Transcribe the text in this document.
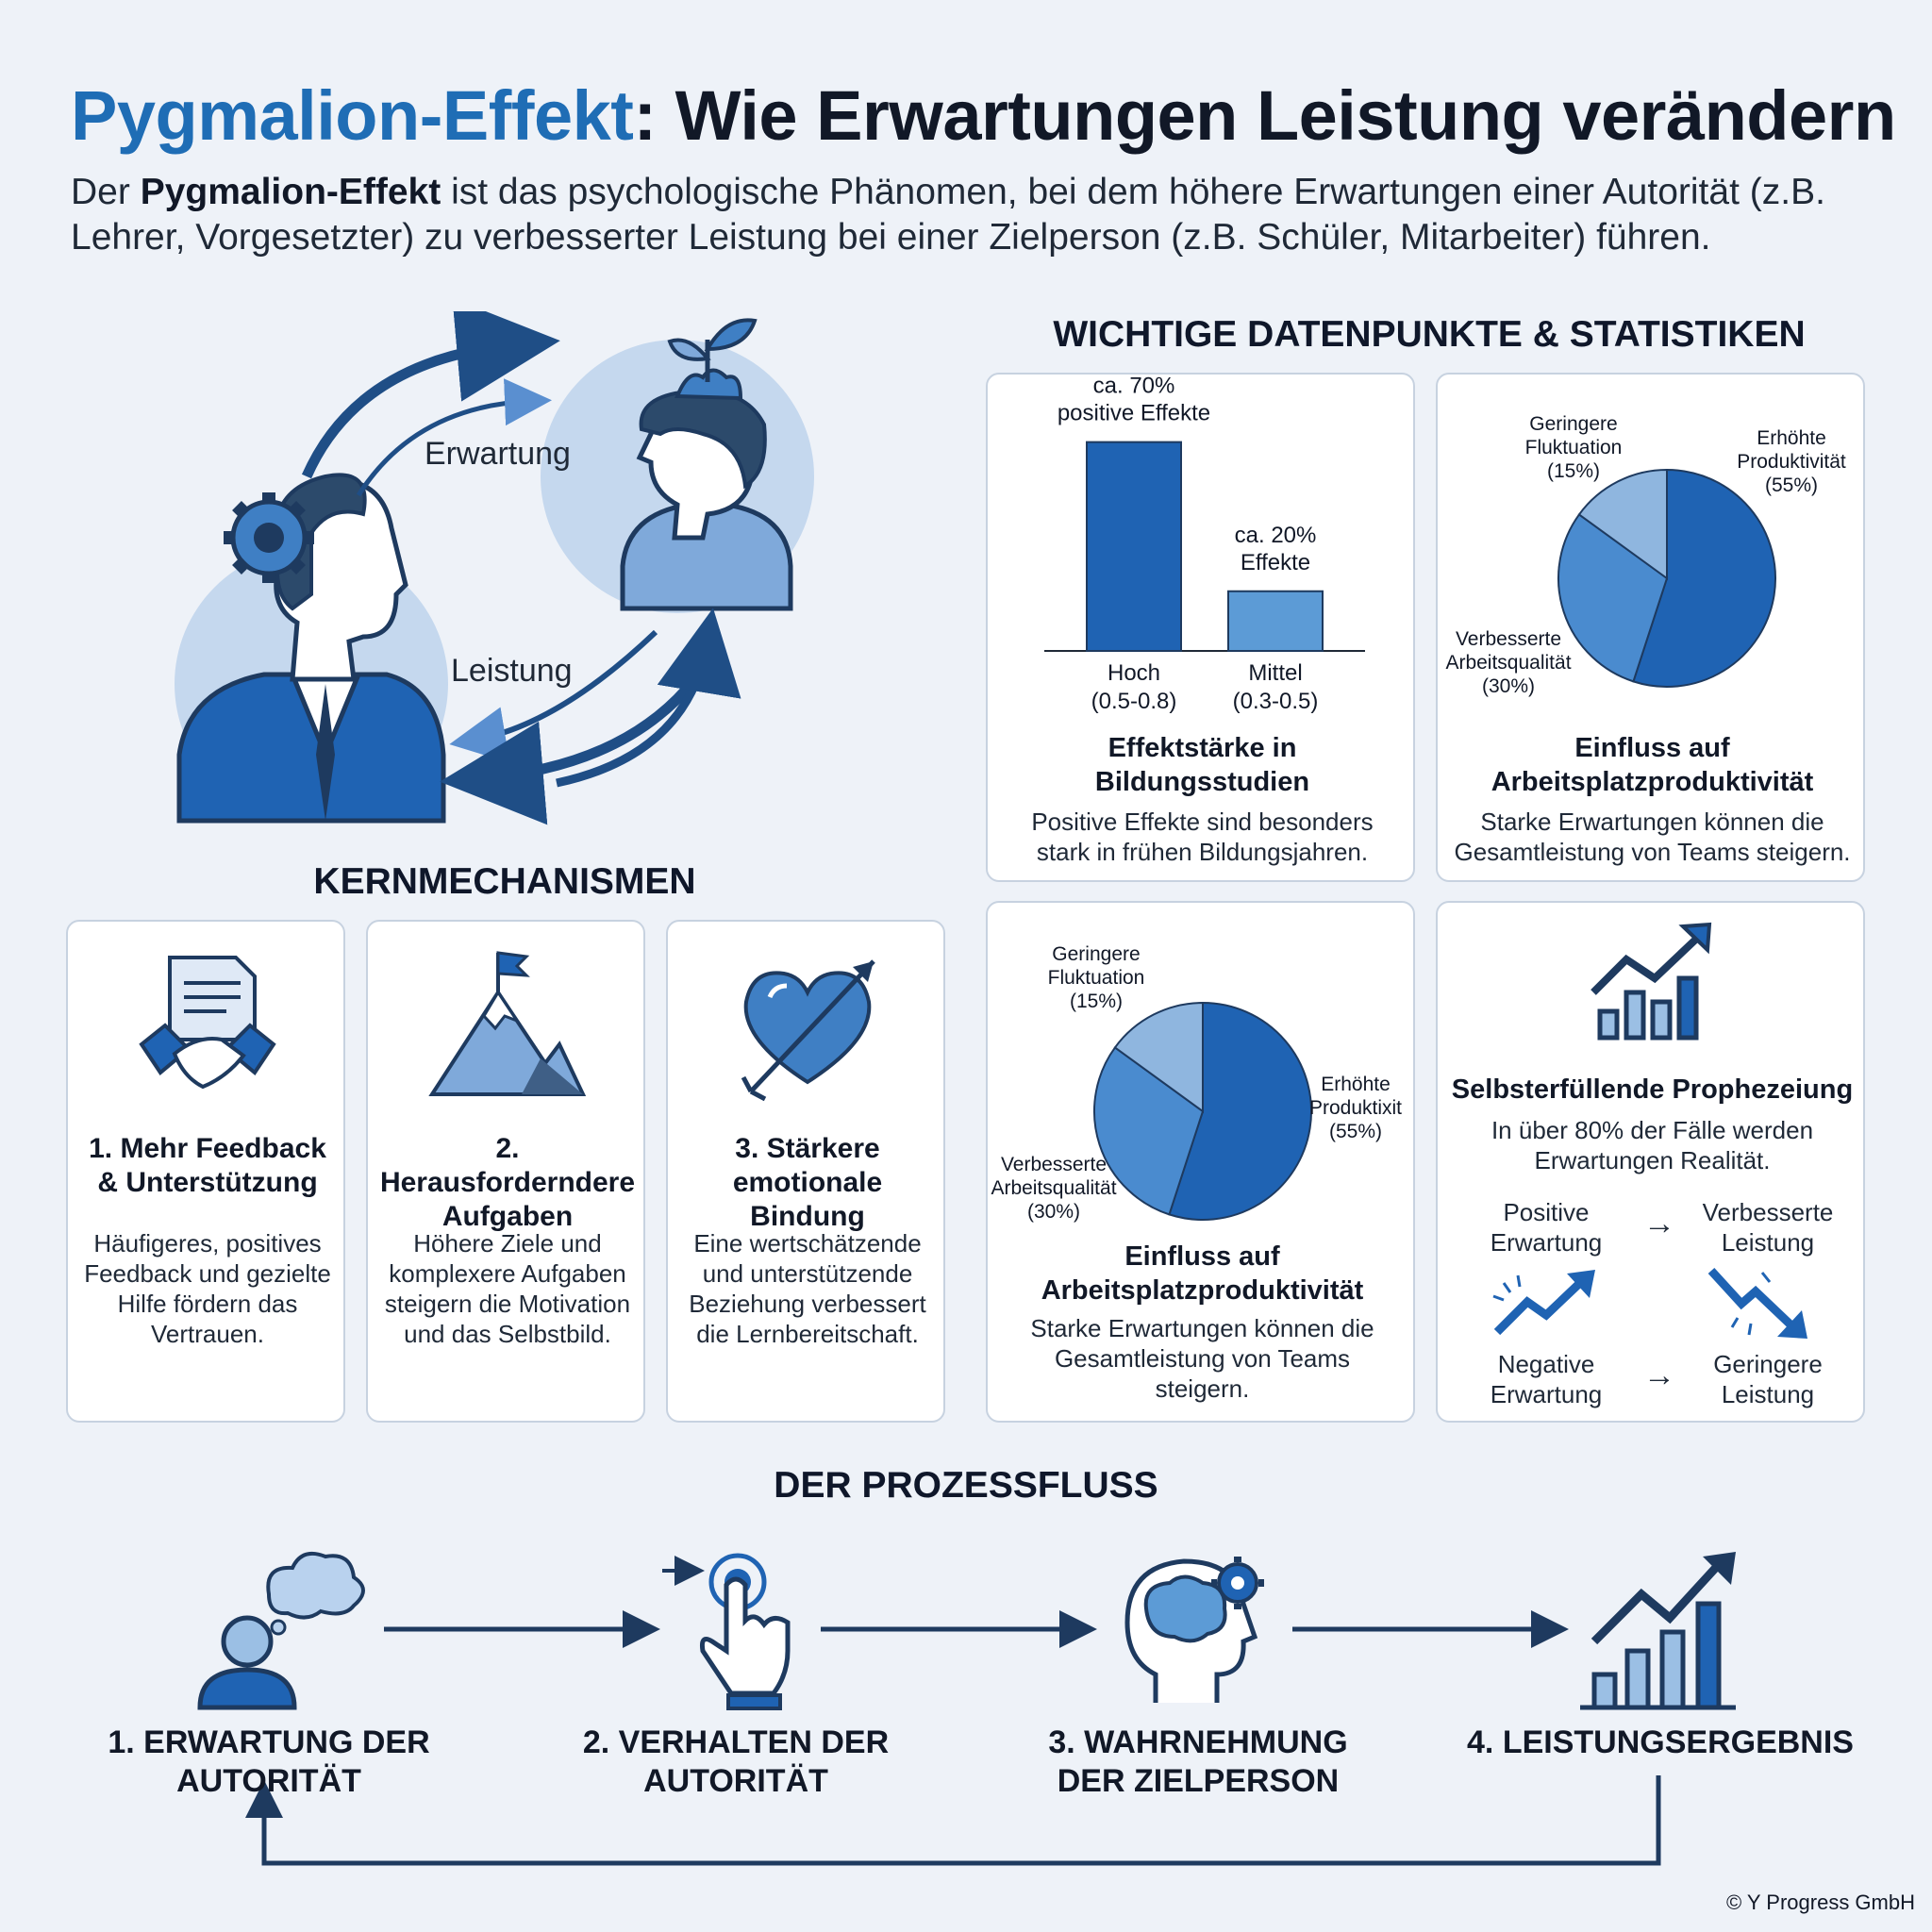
Pygmalion-Effekt: Wie Erwartungen Leistung verändern
Der Pygmalion-Effekt ist das psychologische Phänomen, bei dem höhere Erwartungen einer Autorität (z.B. Lehrer, Vorgesetzter) zu verbesserter Leistung bei einer Zielperson (z.B. Schüler, Mitarbeiter) führen.
Erwartung
Leistung
WICHTIGE DATENPUNKTE & STATISTIKEN
ca. 70% positive Effekte
Hoch (0.5-0.8)
ca. 20% Effekte
Mittel (0.3-0.5)
Effektstärke in Bildungsstudien
Positive Effekte sind besonders stark in frühen Bildungsjahren.
Geringere Fluktuation (15%)
Erhöhte Produktivität (55%)
Verbesserte Arbeitsqualität (30%)
Einfluss auf Arbeitsplatzproduktivität
Starke Erwartungen können die Gesamtleistung von Teams steigern.
Geringere Fluktuation (15%)
Erhöhte Produktixit (55%)
Verbesserte Arbeitsqualität (30%)
Einfluss auf Arbeitsplatzproduktivität
Starke Erwartungen können die Gesamtleistung von Teams steigern.
Selbsterfüllende Prophezeiung
In über 80% der Fälle werden Erwartungen Realität.
Positive Erwartung
→	Verbesserte Leistung
Negative Erwartung
→	Geringere Leistung
KERNMECHANISMEN
1. Mehr Feedback & Unterstützung
Häufigeres, positives Feedback und gezielte Hilfe fördern das Vertrauen.
2. Herausforderndere Aufgaben
Höhere Ziele und komplexere Aufgaben steigern die Motivation und das Selbstbild.
3. Stärkere emotionale Bindung
Eine wertschätzende und unterstützende Beziehung verbessert die Lernbereitschaft.
DER PROZESSFLUSS
1. ERWARTUNG DER AUTORITÄT
2. VERHALTEN DER AUTORITÄT
3. WAHRNEHMUNG DER ZIELPERSON
4. LEISTUNGSERGEBNIS
© Y Progress GmbH
